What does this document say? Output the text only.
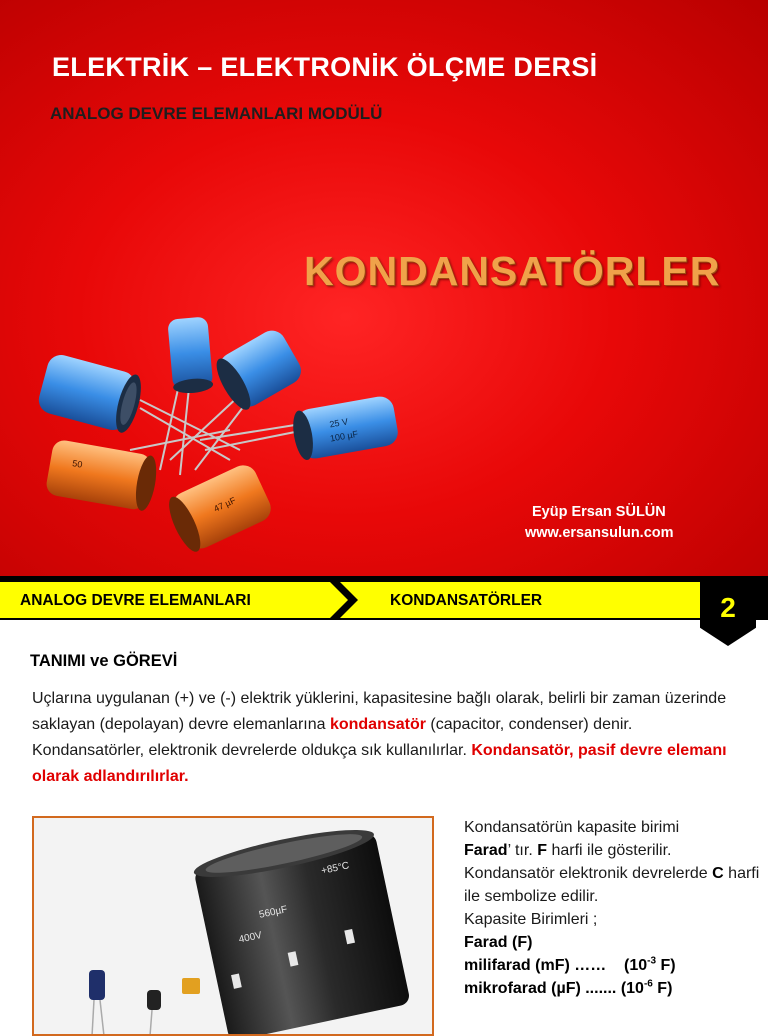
ELEKTRİK – ELEKTRONİK ÖLÇME DERSİ
ANALOG DEVRE ELEMANLARI MODÜLÜ
KONDANSATÖRLER
25 V
100 µF
50
47 µF	Eyüp Ersan SÜLÜN
www.ersansulun.com
ANALOG DEVRE ELEMANLARI	KONDANSATÖRLER	2
TANIMI ve GÖREVİ
Uçlarına uygulanan (+) ve (-) elektrik yüklerini, kapasitesine bağlı olarak, belirli bir zaman üzerinde saklayan (depolayan) devre elemanlarına kondansatör (capacitor, condenser) denir. Kondansatörler, elektronik devrelerde oldukça sık kullanılırlar. Kondansatör, pasif devre elemanı olarak adlandırılırlar.
400V
560µF
+85°C
Kondansatörün kapasite birimi
Farad’ tır. F harfi ile gösterilir.
Kondansatör elektronik devrelerde C harfi ile sembolize edilir.
Kapasite Birimleri ;
Farad (F)
milifarad (mF) …… ($10^{-3}$ F)
mikrofarad (µF) ....... ($10^{-6}$ F)
